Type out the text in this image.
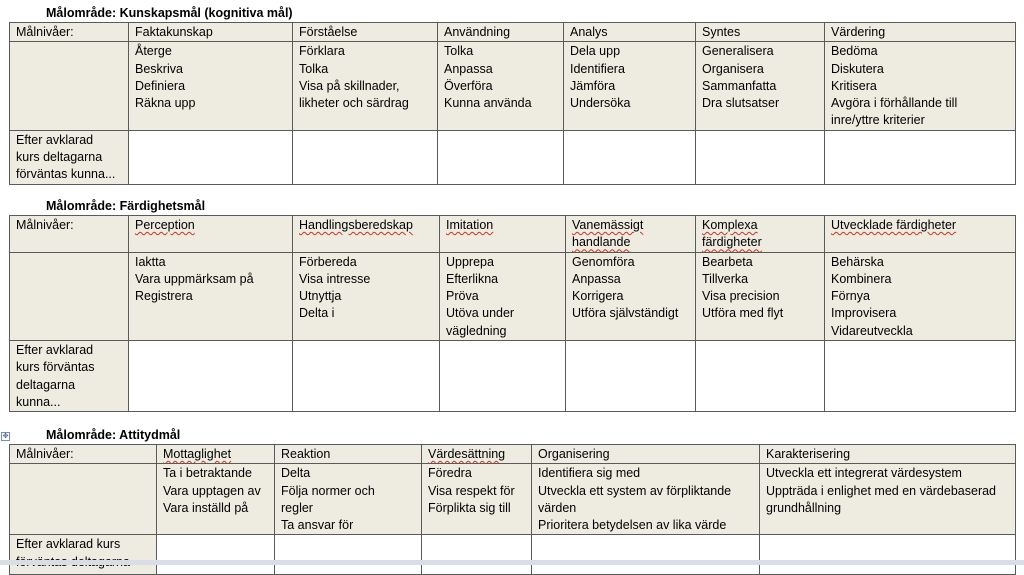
Målområde: Kunskapsmål (kognitiva mål)
Målnivåer:	Faktakunskap	Förståelse	Användning	Analys	Syntes	Värdering

	Återge
Beskriva
Definiera
Räkna upp	Förklara
Tolka
Visa på skillnader,
likheter och särdrag	Tolka
Anpassa
Överföra
Kunna använda	Dela upp
Identifiera
Jämföra
Undersöka	Generalisera
Organisera
Sammanfatta
Dra slutsatser	Bedöma
Diskutera
Kritisera
Avgöra i förhållande till
inre/yttre kriterier

Efter avklarad
kurs deltagarna
förväntas kunna...						

Målområde: Färdighetsmål
Målnivåer:	Perception	Handlingsberedskap	Imitation	Vanemässigt
handlande	Komplexa
färdigheter	Utvecklade färdigheter

	Iaktta
Vara uppmärksam på
Registrera	Förbereda
Visa intresse
Utnyttja
Delta i	Upprepa
Efterlikna
Pröva
Utöva under
vägledning	Genomföra
Anpassa
Korrigera
Utföra självständigt	Bearbeta
Tillverka
Visa precision
Utföra med flyt	Behärska
Kombinera
Förnya
Improvisera
Vidareutveckla

Efter avklarad
kurs förväntas
deltagarna
kunna...						

✥	Målområde: Attitydmål
Målnivåer:	Mottaglighet	Reaktion	Värdesättning	Organisering	Karakterisering

	Ta i betraktande
Vara upptagen av
Vara inställd på	Delta
Följa normer och
regler
Ta ansvar för	Föredra
Visa respekt för
Förplikta sig till	Identifiera sig med
Utveckla ett system av förpliktande
värden
Prioritera betydelsen av lika värde	Utveckla ett integrerat värdesystem
Uppträda i enlighet med en värdebaserad
grundhållning

Efter avklarad kurs					
